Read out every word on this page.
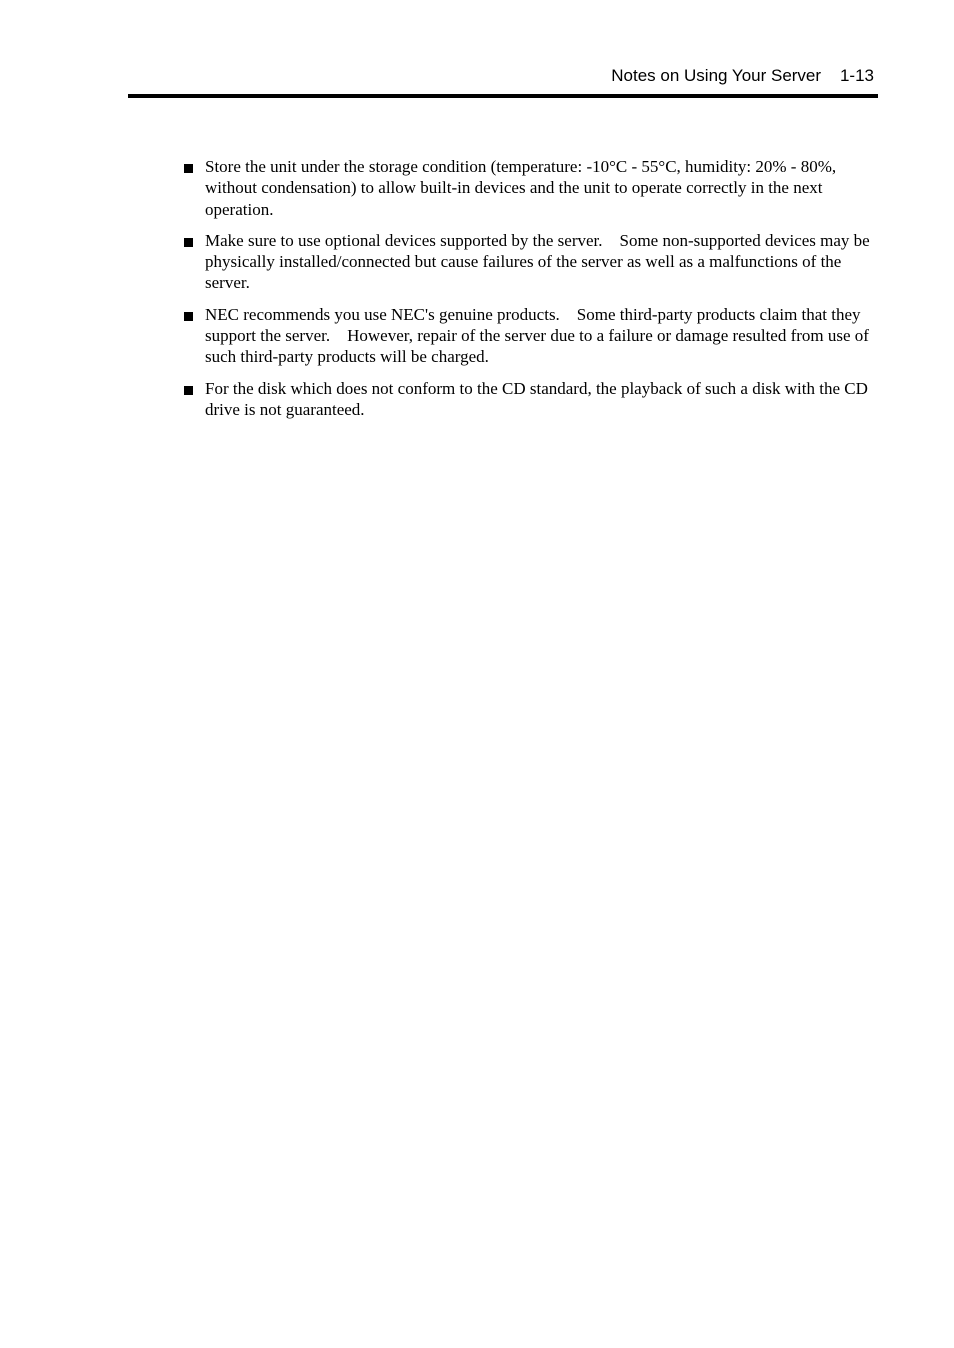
Notes on Using Your Server 1-13
Store the unit under the storage condition (temperature: -10°C - 55°C, humidity: 20% - 80%, without condensation) to allow built-in devices and the unit to operate correctly in the next operation.
Make sure to use optional devices supported by the server.    Some non-supported devices may be physically installed/connected but cause failures of the server as well as a malfunctions of the server.
NEC recommends you use NEC's genuine products.    Some third-party products claim that they support the server.    However, repair of the server due to a failure or damage resulted from use of such third-party products will be charged.
For the disk which does not conform to the CD standard, the playback of such a disk with the CD drive is not guaranteed.
